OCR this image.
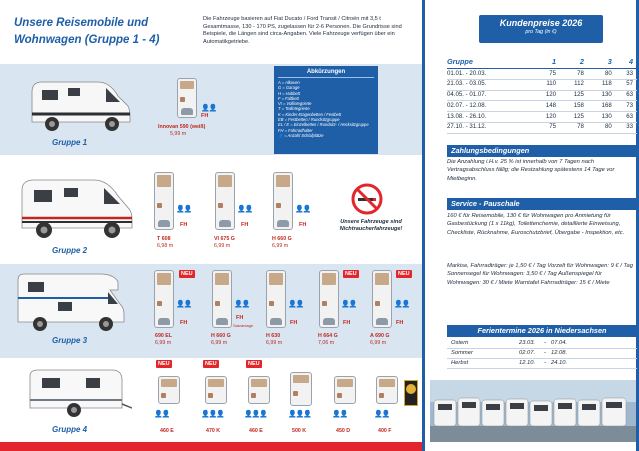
Unsere Reisemobile und
Wohnwagen (Gruppe 1 - 4)
Die Fahrzeuge basieren auf Fiat Ducato / Ford Transit / Citroën mit 3,5 t Gesamtmasse, 130 - 170 PS, zugelassen für 2-6 Personen. Die Grundrisse sind Beispiele, die Längen sind circa-Angaben. Viele Fahrzeuge verfügen über ein Automatikgetriebe.
Gruppe 1
👤👤
FH
Innovan 590 (weiß)
5,99 m
Abkürzungen
A = Alkoven
G = Garage
H = Hubbett
F = Faltbett
VI = Vollintegrierte
T = Teilintegrierte
K = Kinder-Etagenbetten / Festbett
EB = Festbetten / Rundsitzgruppe
EL / E = Einzelbetten / Rundsitz- / Hecksitzgruppe
FH = Fahrradhalter
👤 = Anzahl Schlafplätze
Gruppe 2
👤👤
FH
T 608
6,98 m
👤👤
FH
VI 675 G
6,99 m
👤👤
FH
H 660 G
6,99 m
Unsere Fahrzeuge sind Nichtraucherfahrzeuge!
Gruppe 3
NEU
👤👤
FH
690 EL
6,99 m
👤👤
FH
Satzanlage
H 660 G
6,99 m
👤👤
FH
H 630
6,99 m
NEU
👤👤
FH
H 664 G
7,06 m
NEU
👤👤
FH
A 690 G
6,99 m
Gruppe 4
NEU
👤👤
460 E
NEU
👤👤👤
470 K
NEU
👤👤👤
460 E
👤👤👤
500 K
👤👤
450 D
👤👤
400 F
Kundenpreise 2026
pro Tag (in €)
Gruppe	1	2	3	4
01.01. - 20.03.	75	78	80	33
21.03. - 03.05.	110	112	118	57
04.05. - 01.07.	120	125	130	63
02.07. - 12.08.	148	158	168	73
13.08. - 26.10.	120	125	130	63
27.10. - 31.12.	75	78	80	33
Zahlungsbedingungen
Die Anzahlung i.H.v. 25 % ist innerhalb von 7 Tagen nach Vertragsabschluss fällig; die Restzahlung spätestens 14 Tage vor Mietbeginn.
Service - Pauschale
160 € für Reisemobile, 130 € für Wohnwagen pro Anmietung für Gasbestückung (1 x 11kg), Toilettenchemie, detaillierte Einweisung, Checkliste, Rücknahme, Euroschutzbrief, Übergabe - Inspektion, etc.
Markise, Fahrradträger: je 1,50 € / Tag Vorzelt für Wohnwagen: 9 € / Tag Sonnensegel für Wohnwagen: 3,50 € / Tag Außenspiegel für Wohnwagen: 30 € / Miete Warntafel Fahrradträger: 15 € / Miete
Ferientermine 2026 in Niedersachsen
Ostern	23.03. - 07.04.
Sommer	02.07. - 12.08.
Herbst	12.10. - 24.10.
